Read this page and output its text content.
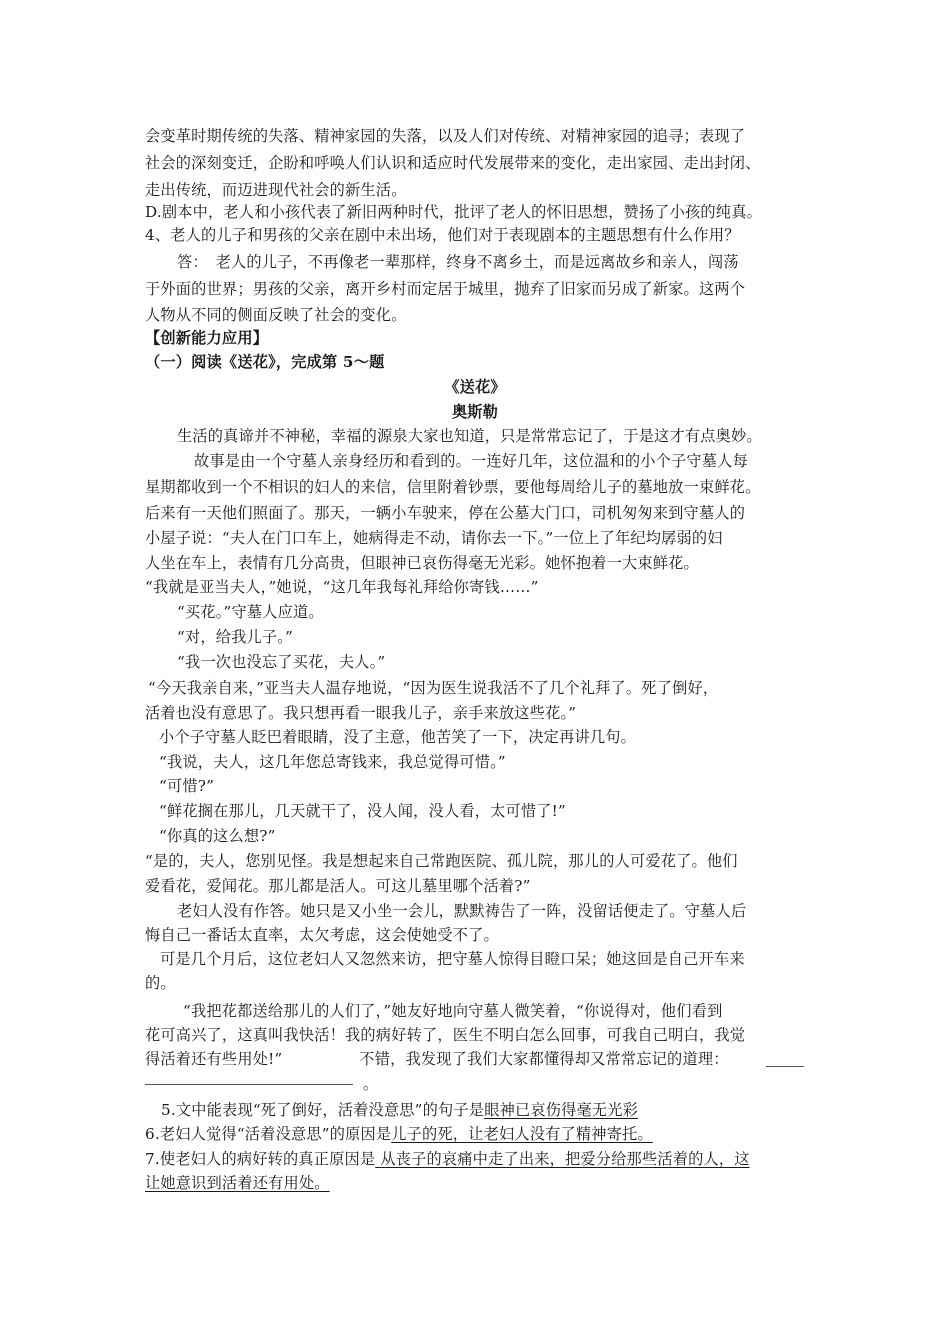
会变革时期传统的失落、精神家园的失落，以及人们对传统、对精神家园的追寻；表现了
社会的深刻变迁，企盼和呼唤人们认识和适应时代发展带来的变化，走出家园、走出封闭、
走出传统，而迈进现代社会的新生活。
D.剧本中，老人和小孩代表了新旧两种时代，批评了老人的怀旧思想，赞扬了小孩的纯真。
4、老人的儿子和男孩的父亲在剧中未出场，他们对于表现剧本的主题思想有什么作用？
答：　老人的儿子，不再像老一辈那样，终身不离乡土，而是远离故乡和亲人，闯荡
于外面的世界；男孩的父亲，离开乡村而定居于城里，抛弃了旧家而另成了新家。这两个
人物从不同的侧面反映了社会的变化。
【创新能力应用】
（一）阅读《送花》，完成第 5～题
《送花》
奥斯勒
生活的真谛并不神秘，幸福的源泉大家也知道，只是常常忘记了，于是这才有点奥妙。
故事是由一个守墓人亲身经历和看到的。一连好几年，这位温和的小个子守墓人每
星期都收到一个不相识的妇人的来信，信里附着钞票，要他每周给儿子的墓地放一束鲜花。
后来有一天他们照面了。那天，一辆小车驶来，停在公墓大门口，司机匆匆来到守墓人的
小屋子说：“夫人在门口车上，她病得走不动，请你去一下。”一位上了年纪均孱弱的妇
人坐在车上，表情有几分高贵，但眼神已哀伤得毫无光彩。她怀抱着一大束鲜花。
“我就是亚当夫人，”她说，“这几年我每礼拜给你寄钱……”
“买花。”守墓人应道。
“对，给我儿子。”
“我一次也没忘了买花，夫人。”
“今天我亲自来，”亚当夫人温存地说，“因为医生说我活不了几个礼拜了。死了倒好，
活着也没有意思了。我只想再看一眼我儿子，亲手来放这些花。”
小个子守墓人眨巴着眼睛，没了主意，他苦笑了一下，决定再讲几句。
“我说，夫人，这几年您总寄钱来，我总觉得可惜。”
“可惜?”
“鲜花搁在那儿，几天就干了，没人闻，没人看，太可惜了!”
“你真的这么想?”
“是的，夫人，您别见怪。我是想起来自己常跑医院、孤儿院，那儿的人可爱花了。他们
爱看花，爱闻花。那儿都是活人。可这儿墓里哪个活着?”
老妇人没有作答。她只是又小坐一会儿，默默祷告了一阵，没留话便走了。守墓人后
悔自己一番话太直率，太欠考虑，这会使她受不了。
可是几个月后，这位老妇人又忽然来访，把守墓人惊得目瞪口呆；她这回是自己开车来
的。
“我把花都送给那儿的人们了，”她友好地向守墓人微笑着，“你说得对，他们看到
花可高兴了，这真叫我快活！我的病好转了，医生不明白怎么回事，可我自己明白，我觉
得活着还有些用处!”　　　　　不错，我发现了我们大家都懂得却又常常忘记的道理：
。
5.文中能表现“死了倒好，活着没意思”的句子是眼神已哀伤得毫无光彩
6.老妇人觉得“活着没意思”的原因是儿子的死，让老妇人没有了精神寄托。
7.使老妇人的病好转的真正原因是 从丧子的哀痛中走了出来，把爱分给那些活着的人，这
让她意识到活着还有用处。
